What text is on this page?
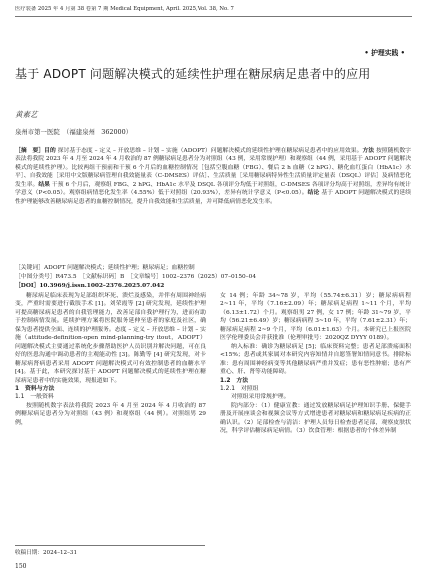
医疗装备 2025 年 4 月第 38 卷第 7 期 Medical Equipment, April. 2025,Vol. 38, No. 7
• 护理实践 •
基于 ADOPT 问题解决模式的延续性护理在糖尿病足患者中的应用
黄素艺
泉州市第一医院　（福建泉州　362000）
［摘　要］目的 探讨基于态度 – 定义 – 开放思维 – 计划 – 实施（ADOPT）问题解决模式的延续性护理在糖尿病足患者中的应用效果。方法 按照随机数字表法将我院 2023 年 4 月至 2024 年 4 月收治的 87 例糖尿病足患者分为对照组（43 例，采用常规护理）和观察组（44 例，采用基于 ADOPT 问题解决模式的延续性护理）。比较两组干预前和干预 6 个月后的血糖控制情况［包括空腹血糖（FBG）、餐后 2 h 血糖（2 hPG）、糖化血红蛋白（HbA1c）水平］、自我效能［采用中文版糖尿病管理自我效能量表（C-DMSES）评估］、生活质量［采用糖尿病特异性生活质量评定量表（DSQL）评估］及病情恶化发生率。结果 干预 6 个月后，观察组 FBG、2 hPG、HbA1c 水平及 DSQL 各项评分均低于对照组，C-DMSES 各项评分均高于对照组，差异均有统计学意义（P<0.05）。观察组病情恶化发生率（4.55%）低于对照组（20.93%），差异有统计学意义（P<0.05）。结论 基于 ADOPT 问题解决模式的延续性护理能够改善糖尿病足患者的血糖控制情况，提升自我效能和生活质量，并可降低病情恶化发生率。
［关键词］ADOPT 问题解决模式；延续性护理；糖尿病足；血糖控制
［中图分类号］R473.5　［文献标识码］B　［文章编号］1002–2376（2025）07–0150–04
［DOI］10.3969/j.issn.1002–2376.2025.07.042

糖尿病足临床表现为足部组织坏死、溃烂及感染，并伴有周围神经病变，严重时需要进行截肢手术 [1]。刘荣霞等 [2] 研究发现，延续性护理可提高糖尿病足患者的自我管理能力，改善足部自我护理行为，进而有助于控制病情发展。延续护理方案将医院服务延伸至患者的家庭及社区，确保为患者提供全面、连续的护理服务。态度 – 定义 – 开放思维 – 计划 – 实施（attitude-definition-open mind-planning-try itout，ADOPT）问题解决模式主要通过系统化步骤帮助医护人员识别并解决问题，可在良好的医患沟通中调动患者的主观能动性 [3]。陈勤等 [4] 研究发现，对卡糖尿病肾病患者采用 ADOPT 问题解决模式可有效控制患者的血糖水平 [4]。基于此，本研究探讨基于 ADOPT 问题解决模式的延续性护理在糖尿病足患者中的实施效果，现报道如下。

1　资料与方法

1.1　一般资料

按照随机数字表法将我院 2023 年 4 月至 2024 年 4 月收治的 87 例糖尿病足患者分为对照组（43 例）和观察组（44 例）。对照组男 29 例，

女 14 例；年龄 34~78 岁，平均（55.74±6.31）岁；糖尿病病程 2~11 年，平均（7.16±2.09）年；糖尿病足病程 1~11 个月，平均（6.13±1.72）个月。观察组男 27 例，女 17 例；年龄 31~79 岁，平均（56.21±6.49）岁；糖尿病病程 3~10 年，平均（7.61±2.31）年；糖尿病足病程 2~9 个月，平均（6.01±1.63）个月。本研究已上报医院医学伦理委员会并获批准（伦理审批号：2020QZ DYYY 0189）。

纳入标准：确诊为糖尿病足 [5]；临床资料完整；患者足部溃疡面积 <15%；患者或其家属对本研究内容知情并自愿签署知情同意书。排除标准：患有周围神经病变等其他糖尿病严重并发症；患有恶性肿瘤；患有严重心、肝、肾等功能障碍。

1.2　方法

1.2.1　对照组

对照组采用常规护理。

院内部分：（1）健康宣教：通过发放糖尿病足护理知识手册、保健手册及开展座谈会和视频会议等方式增进患者对糖尿病和糖尿病足疾病的正确认识。（2）足部检查与清洁：护理人员每日检查患者足部，观察皮肤状况，科学评估糖尿病足病情。（3）饮食管理：根据患者的个体差异制

收稿日期：2024–12–31
150
